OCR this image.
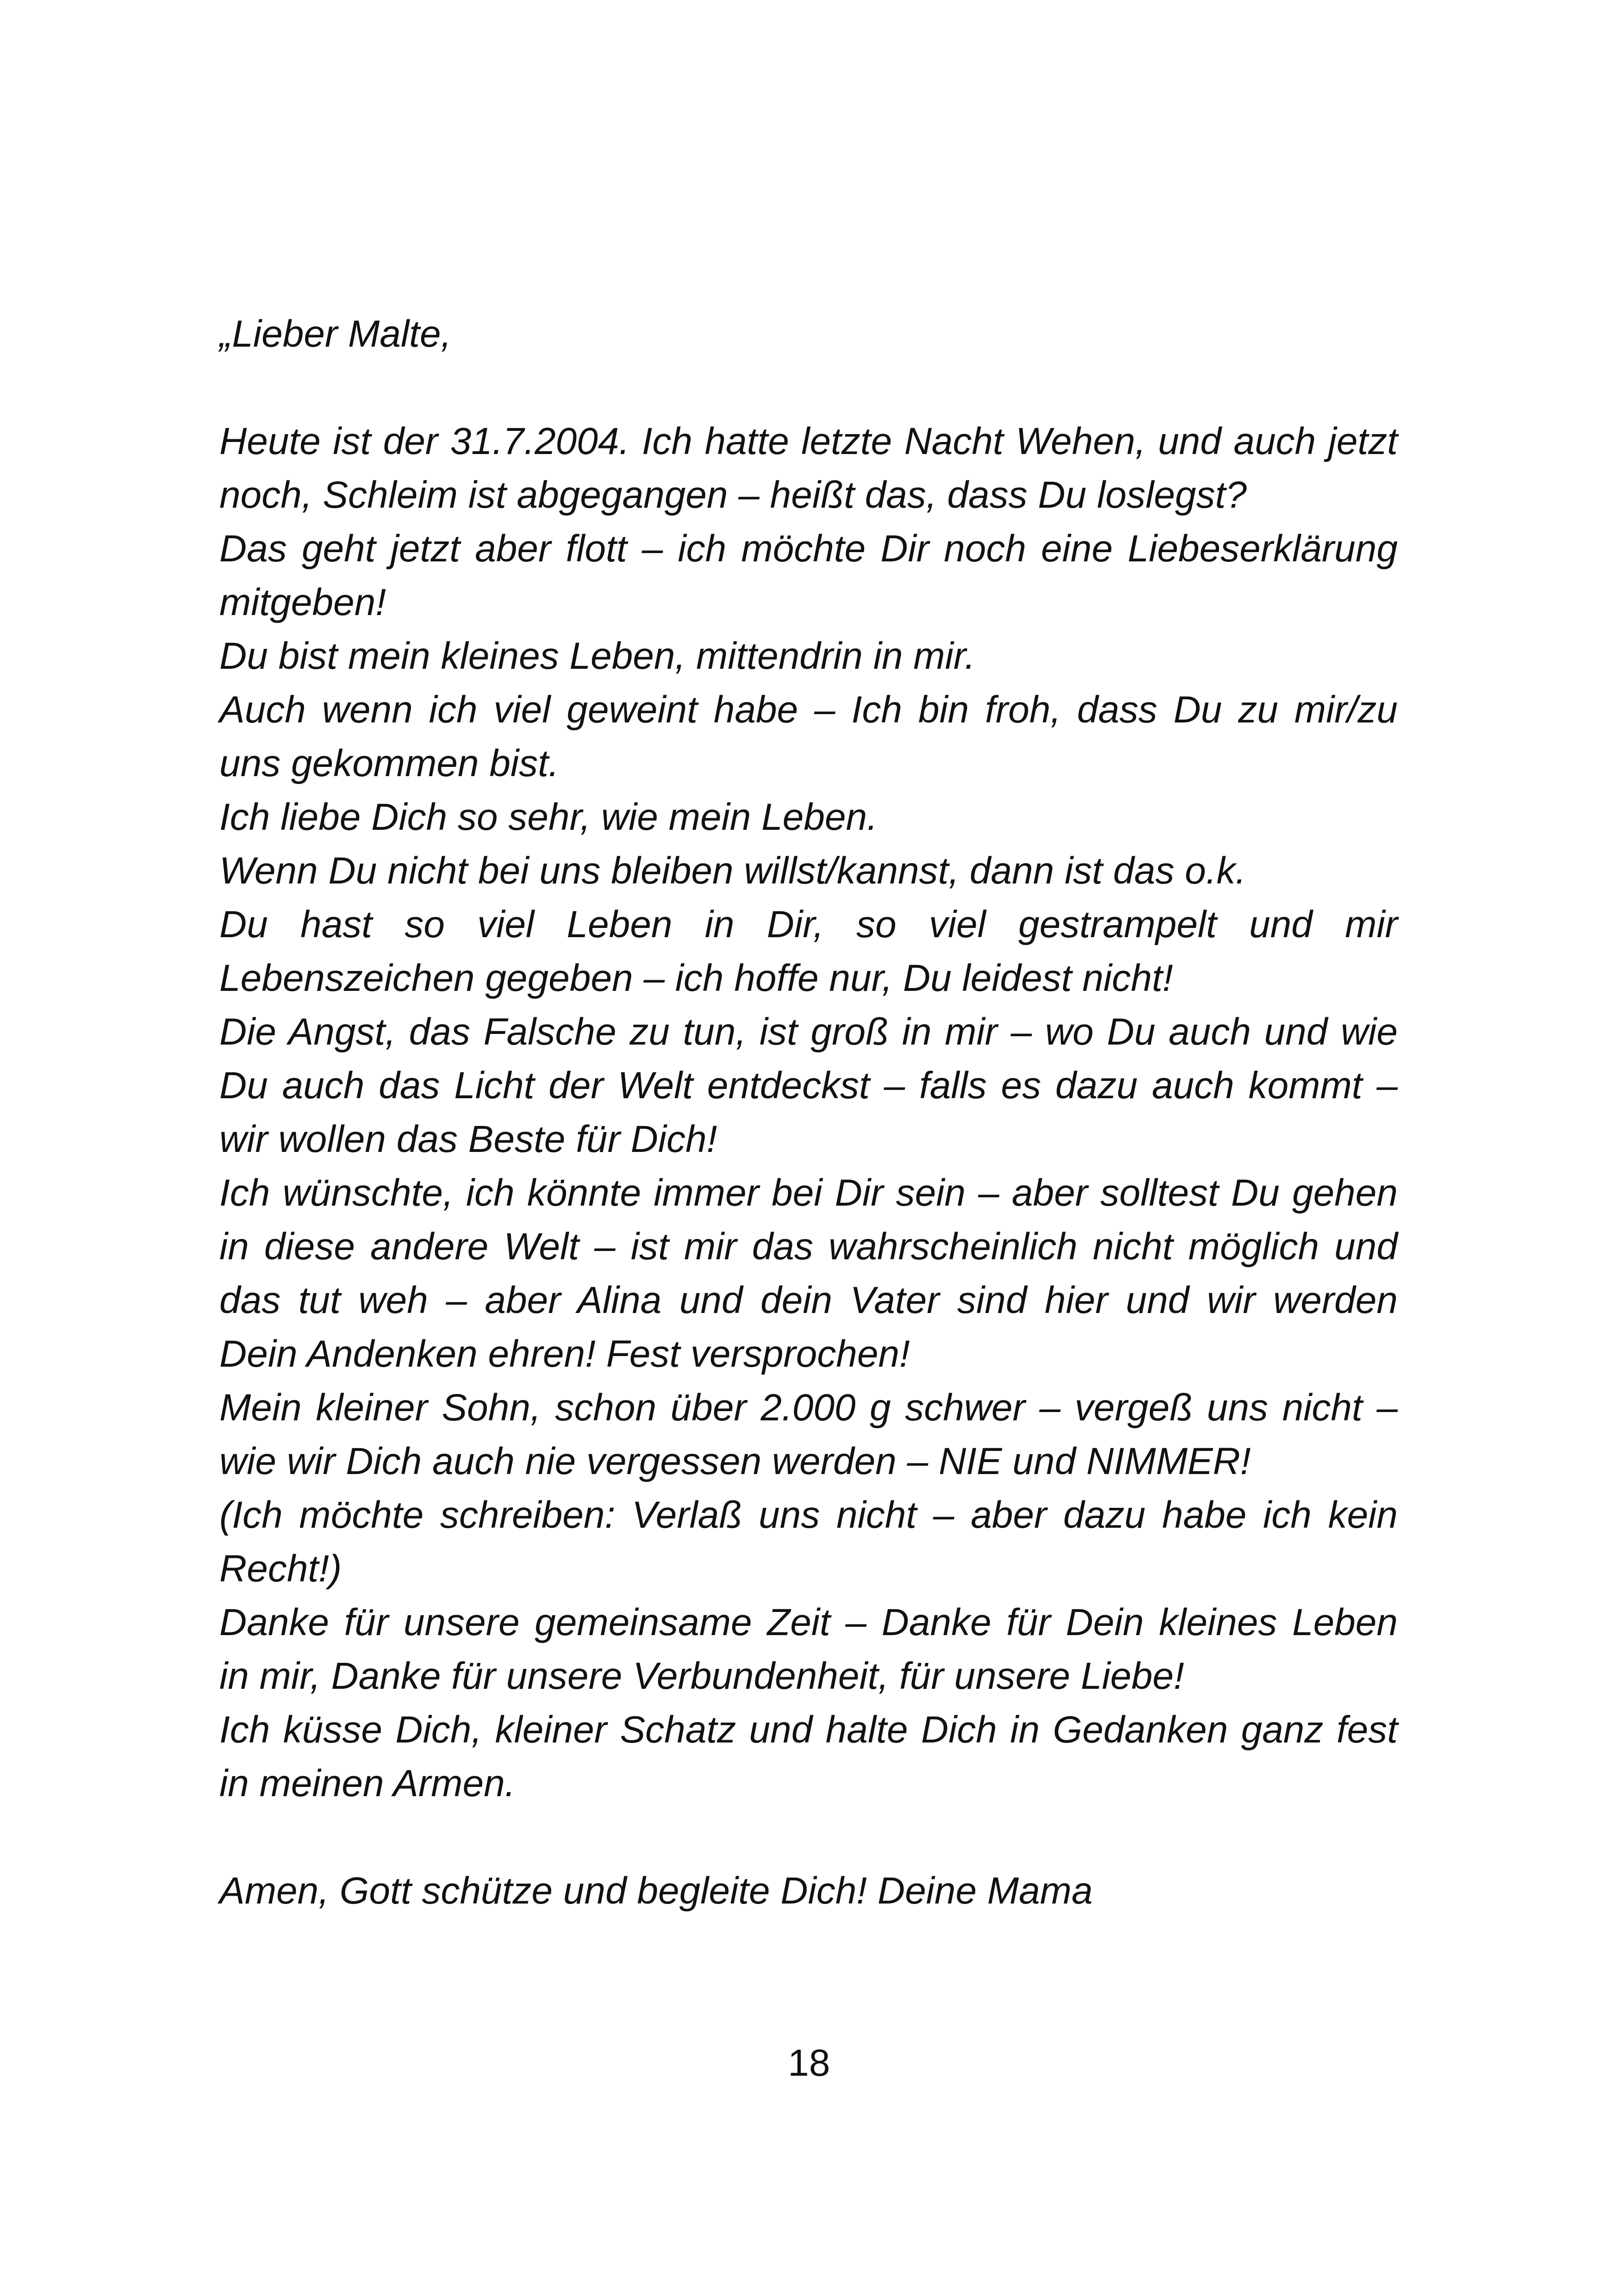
„Lieber Malte,
Heute ist der 31.7.2004. Ich hatte letzte Nacht Wehen, und auch jetzt
noch, Schleim ist abgegangen – heißt das, dass Du loslegst?
Das geht jetzt aber flott – ich möchte Dir noch eine Liebeserklärung
mitgeben!
Du bist mein kleines Leben, mittendrin in mir.
Auch wenn ich viel geweint habe – Ich bin froh, dass Du zu mir/zu
uns gekommen bist.
Ich liebe Dich so sehr, wie mein Leben.
Wenn Du nicht bei uns bleiben willst/kannst, dann ist das o.k.
Du hast so viel Leben in Dir, so viel gestrampelt und mir
Lebenszeichen gegeben – ich hoffe nur, Du leidest nicht!
Die Angst, das Falsche zu tun, ist groß in mir – wo Du auch und wie
Du auch das Licht der Welt entdeckst – falls es dazu auch kommt –
wir wollen das Beste für Dich!
Ich wünschte, ich könnte immer bei Dir sein – aber solltest Du gehen
in diese andere Welt – ist mir das wahrscheinlich nicht möglich und
das tut weh – aber Alina und dein Vater sind hier und wir werden
Dein Andenken ehren! Fest versprochen!
Mein kleiner Sohn, schon über 2.000 g schwer – vergeß uns nicht –
wie wir Dich auch nie vergessen werden – NIE und NIMMER!
(Ich möchte schreiben: Verlaß uns nicht – aber dazu habe ich kein
Recht!)
Danke für unsere gemeinsame Zeit – Danke für Dein kleines Leben
in mir, Danke für unsere Verbundenheit, für unsere Liebe!
Ich küsse Dich, kleiner Schatz und halte Dich in Gedanken ganz fest
in meinen Armen.
Amen, Gott schütze und begleite Dich! Deine Mama
18
